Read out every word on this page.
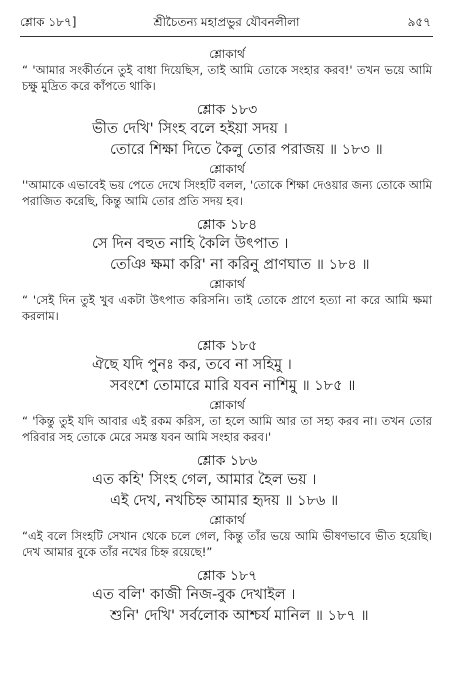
শ্লোক ১৮৭]	শ্রীচৈতন্য মহাপ্রভুর যৌবনলীলা	৯৫৭

শ্লোকার্থ

“ 'আমার সংকীর্তনে তুই বাধা দিয়েছিস, তাই আমি তোকে সংহার করব!' তখন ভয়ে আমি চক্ষু মুদ্রিত করে কাঁপতে থাকি।

শ্লোক ১৮৩

ভীত দেখি' সিংহ বলে হইয়া সদয় ।

তোরে শিক্ষা দিতে কৈলু তোর পরাজয় ॥ ১৮৩ ॥

শ্লোকার্থ

''আমাকে এভাবেই ভয় পেতে দেখে সিংহটি বলল, 'তোকে শিক্ষা দেওয়ার জন্য তোকে আমি পরাজিত করেছি, কিন্তু আমি তোর প্রতি সদয় হব।

শ্লোক ১৮৪

সে দিন বহুত নাহি কৈলি উৎপাত ।

তেঞি ক্ষমা করি' না করিনু প্রাণঘাত ॥ ১৮৪ ॥

শ্লোকার্থ

“ 'সেই দিন তুই খুব একটা উৎপাত করিসনি। তাই তোকে প্রাণে হত্যা না করে আমি ক্ষমা করলাম।

শ্লোক ১৮৫

ঐছে যদি পুনঃ কর, তবে না সহিমু ।

সবংশে তোমারে মারি যবন নাশিমু ॥ ১৮৫ ॥

শ্লোকার্থ

“ 'কিন্তু তুই যদি আবার এই রকম করিস, তা হলে আমি আর তা সহ্য করব না। তখন তোর পরিবার সহ তোকে মেরে সমস্ত যবন আমি সংহার করব।'

শ্লোক ১৮৬

এত কহি' সিংহ গেল, আমার হৈল ভয় ।

এই দেখ, নখচিহ্ন আমার হৃদয় ॥ ১৮৬ ॥

শ্লোকার্থ

“এই বলে সিংহটি সেখান থেকে চলে গেল, কিন্তু তাঁর ভয়ে আমি ভীষণভাবে ভীত হয়েছি। দেখ আমার বুকে তাঁর নখের চিহ্ন রয়েছে!”

শ্লোক ১৮৭

এত বলি' কাজী নিজ-বুক দেখাইল ।

শুনি' দেখি' সর্বলোক আশ্চর্য মানিল ॥ ১৮৭ ॥
